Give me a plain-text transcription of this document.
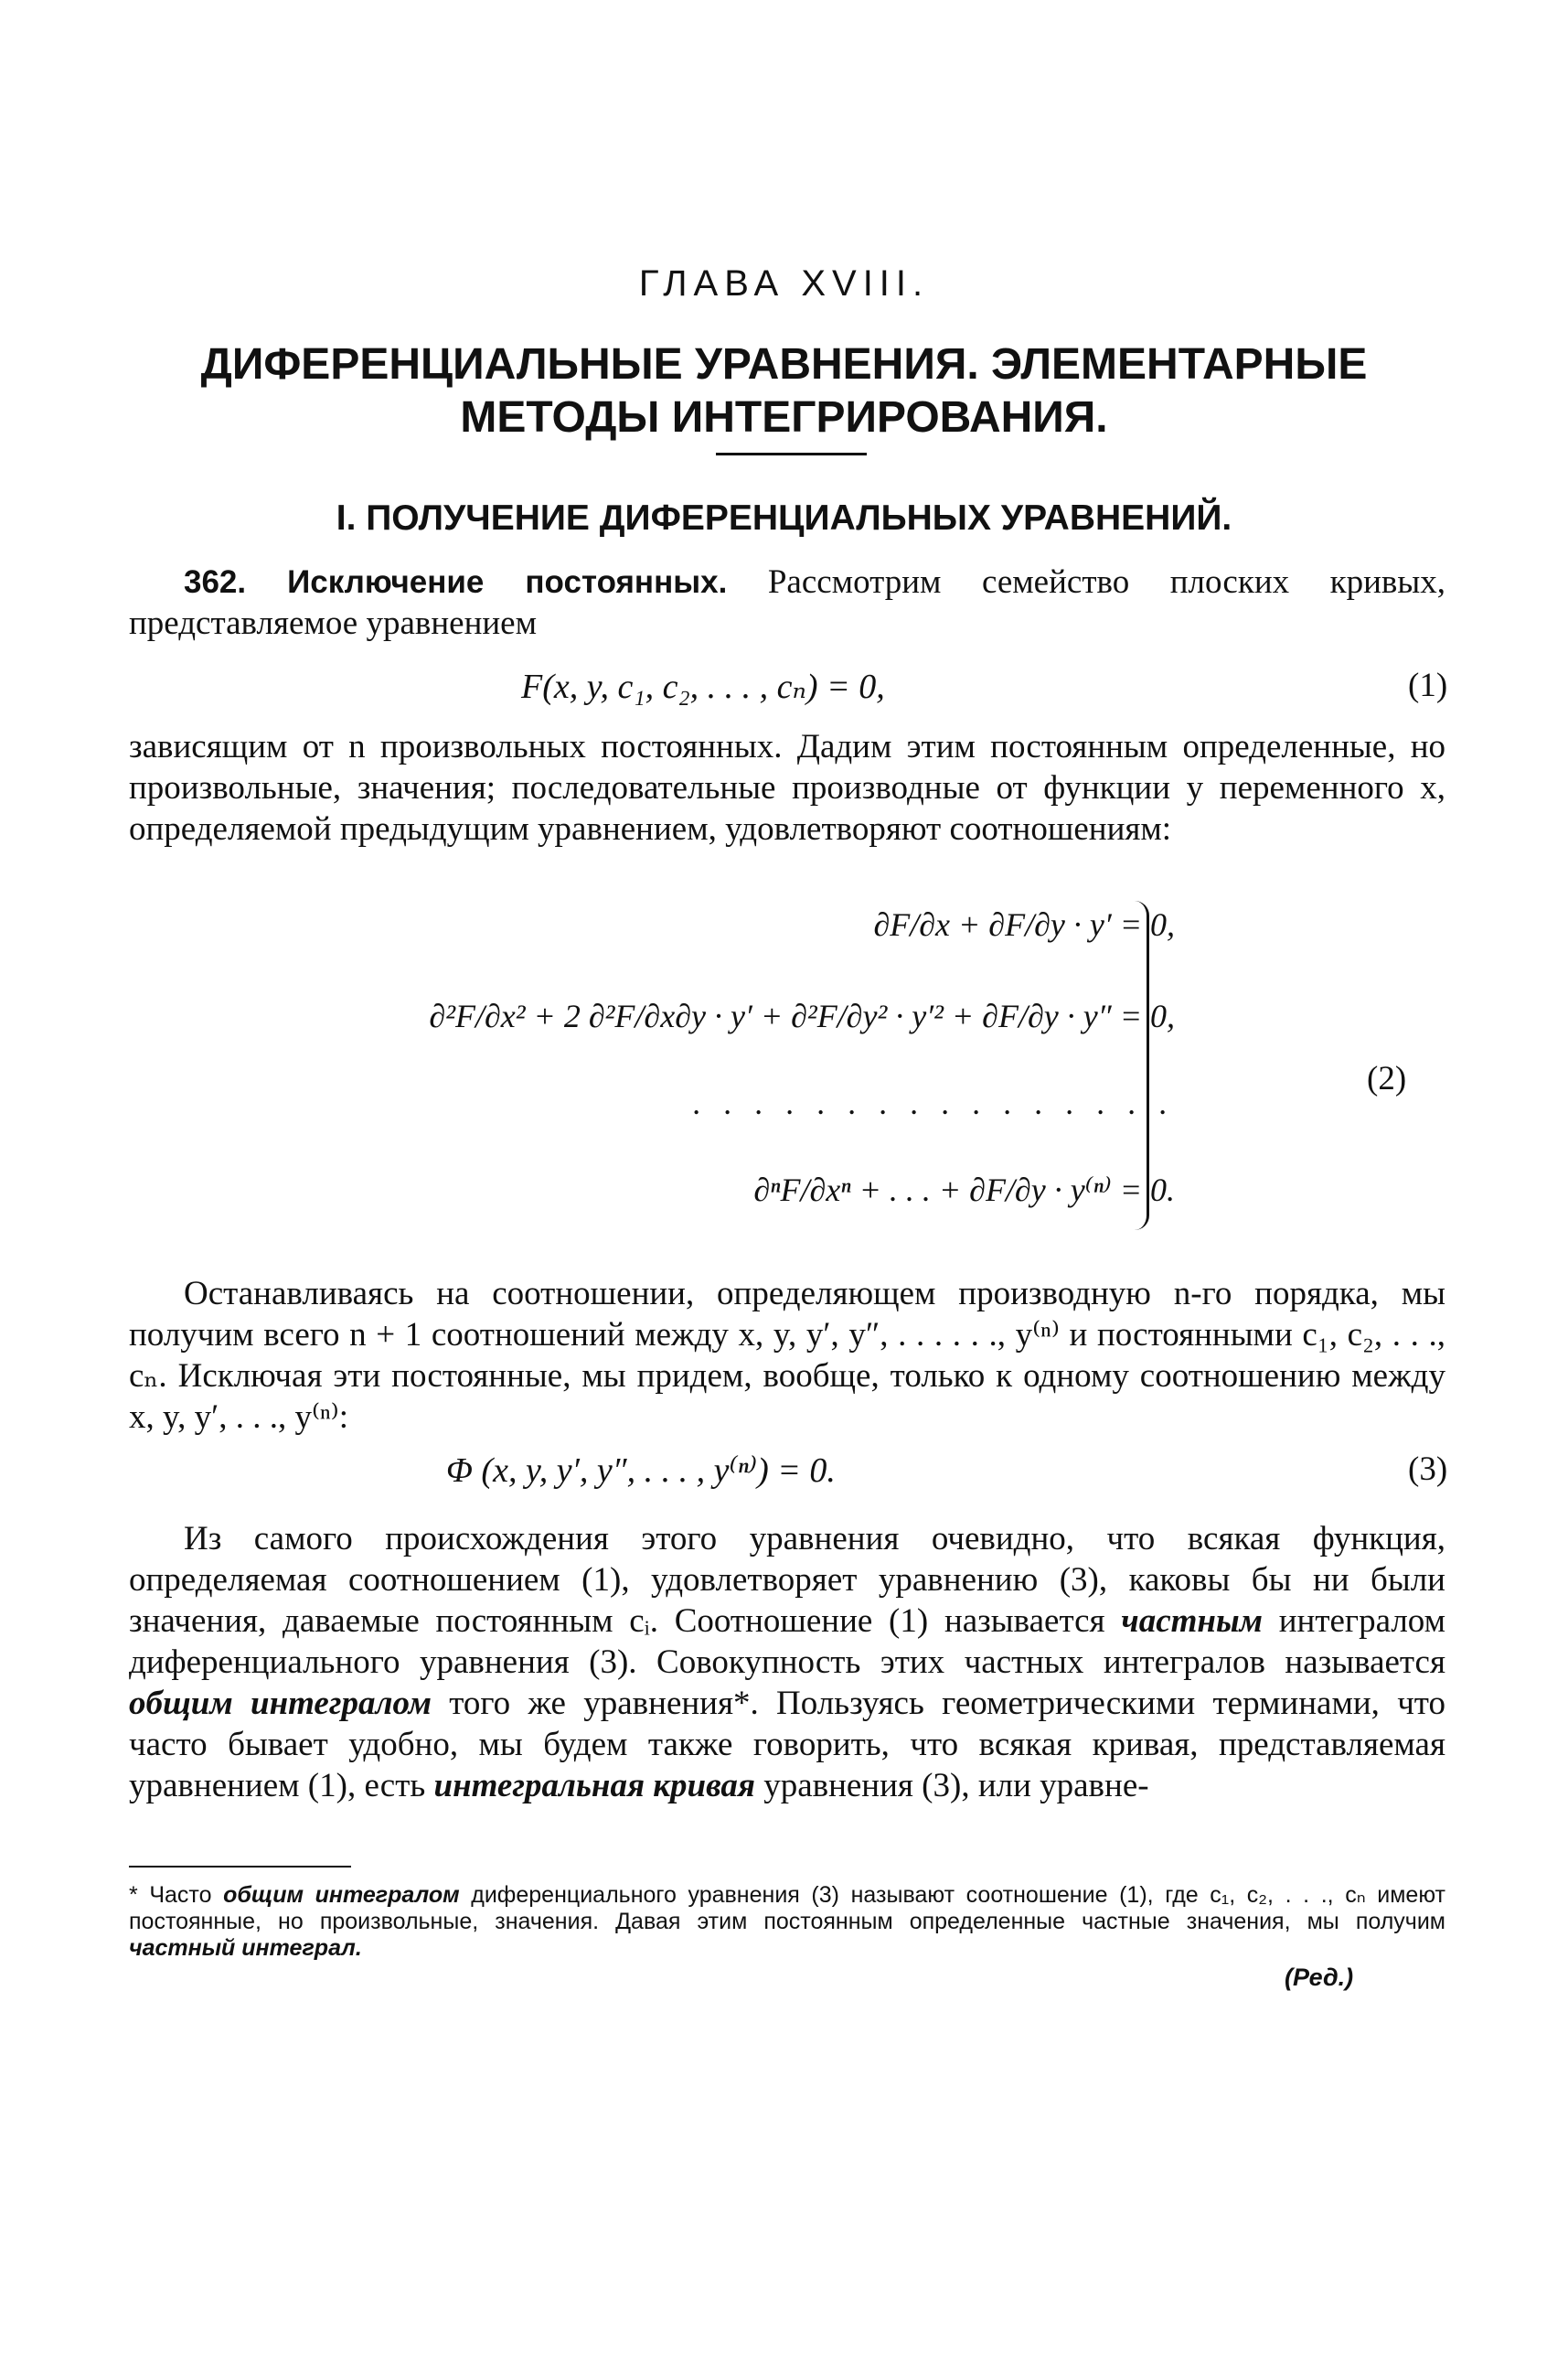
ГЛАВА XVIII.
ДИФЕРЕНЦИАЛЬНЫЕ УРАВНЕНИЯ. ЭЛЕМЕНТАРНЫЕ МЕТОДЫ ИНТЕГРИРОВАНИЯ.
I. ПОЛУЧЕНИЕ ДИФЕРЕНЦИАЛЬНЫХ УРАВНЕНИЙ.

362. Исключение постоянных. Рассмотрим семейство плоских кривых, представляемое уравнением

F(x, y, c₁, c₂, . . . , cₙ) = 0,	(1)

зависящим от n произвольных постоянных. Дадим этим постоянным определенные, но произвольные, значения; последовательные производные от функции y переменного x, определяемой предыдущим уравнением, удовлетворяют соотношениям:

∂F/∂x + ∂F/∂y · y′ = 0,
∂²F/∂x² + 2 ∂²F/∂x∂y · y′ + ∂²F/∂y² · y′² + ∂F/∂y · y″ = 0,
. . . . . . . . . . . . . . . .
∂ⁿF/∂xⁿ + . . . + ∂F/∂y · y⁽ⁿ⁾ = 0.
(2)

Останавливаясь на соотношении, определяющем производную n-го порядка, мы получим всего n + 1 соотношений между x, y, y′, y″, . . . . . ., y⁽ⁿ⁾ и постоянными c₁, c₂, . . ., cₙ. Исключая эти постоянные, мы придем, вообще, только к одному соотношению между x, y, y′, . . ., y⁽ⁿ⁾:

Φ (x, y, y′, y″, . . . , y⁽ⁿ⁾) = 0.	(3)

Из самого происхождения этого уравнения очевидно, что всякая функция, определяемая соотношением (1), удовлетворяет уравнению (3), каковы бы ни были значения, даваемые постоянным cᵢ. Соотношение (1) называется частным интегралом диференциального уравнения (3). Совокупность этих частных интегралов называется общим интегралом того же уравнения*. Пользуясь геометрическими терминами, что часто бывает удобно, мы будем также говорить, что всякая кривая, представляемая уравнением (1), есть интегральная кривая уравнения (3), или уравне-

* Часто общим интегралом диференциального уравнения (3) называют соотношение (1), где c₁, c₂, . . ., cₙ имеют постоянные, но произвольные, значения. Давая этим постоянным определенные частные значения, мы получим частный интеграл.

(Ред.)
